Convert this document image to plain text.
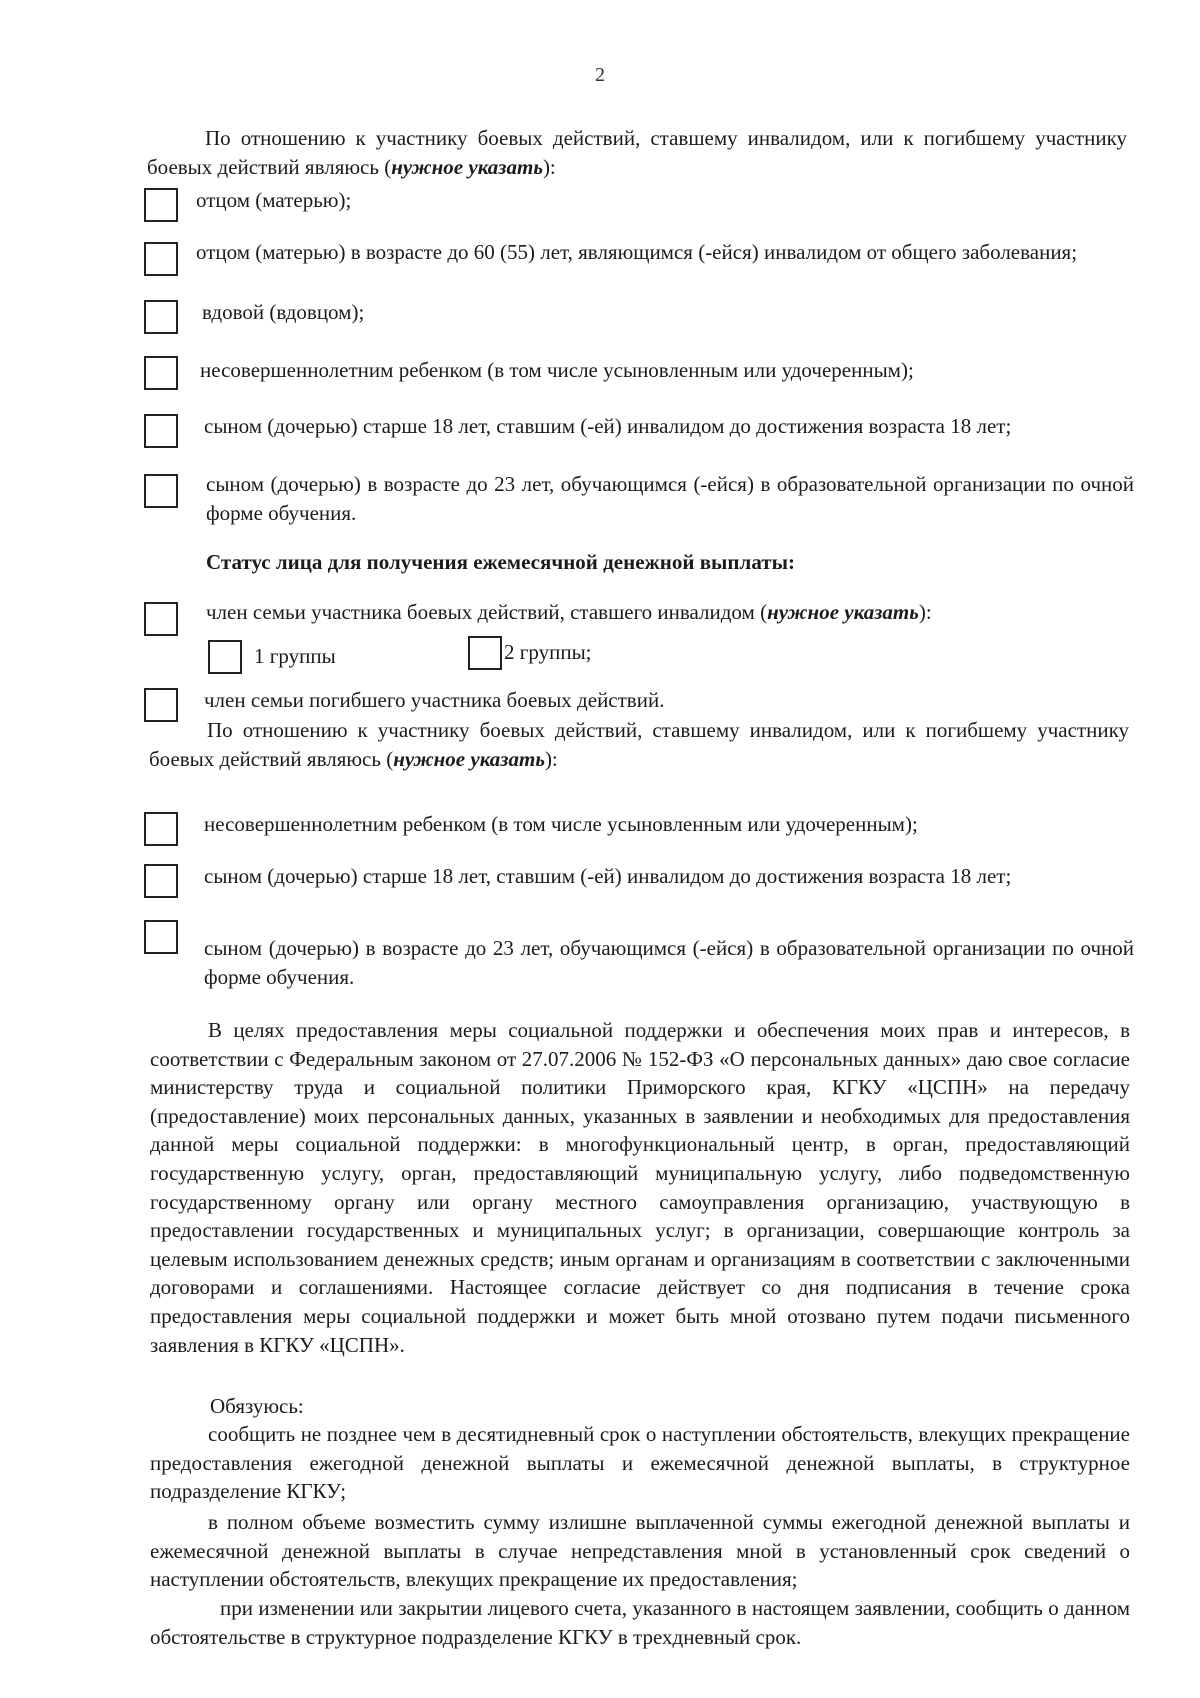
2
По отношению к участнику боевых действий, ставшему инвалидом, или к погибшему участнику боевых действий являюсь (нужное указать):
отцом (матерью);
отцом (матерью) в возрасте до 60 (55) лет, являющимся (-ейся) инвалидом от общего заболевания;
вдовой (вдовцом);
несовершеннолетним ребенком (в том числе усыновленным или удочеренным);
сыном (дочерью) старше 18 лет, ставшим (-ей) инвалидом до достижения возраста 18 лет;
сыном (дочерью) в возрасте до 23 лет, обучающимся (-ейся) в образовательной организации по очной форме обучения.
Статус лица для получения ежемесячной денежной выплаты:
член семьи участника боевых действий, ставшего инвалидом (нужное указать):
1 группы	2 группы;
член семьи погибшего участника боевых действий.
По отношению к участнику боевых действий, ставшему инвалидом, или к погибшему участнику боевых действий являюсь (нужное указать):
несовершеннолетним ребенком (в том числе усыновленным или удочеренным);
сыном (дочерью) старше 18 лет, ставшим (-ей) инвалидом до достижения возраста 18 лет;
сыном (дочерью) в возрасте до 23 лет, обучающимся (-ейся) в образовательной организации по очной форме обучения.
В целях предоставления меры социальной поддержки и обеспечения моих прав и интересов, в соответствии с Федеральным законом от 27.07.2006 № 152-ФЗ «О персональных данных» даю свое согласие министерству труда и социальной политики Приморского края, КГКУ «ЦСПН» на передачу (предоставление) моих персональных данных, указанных в заявлении и необходимых для предоставления данной меры социальной поддержки: в многофункциональный центр, в орган, предоставляющий государственную услугу, орган, предоставляющий муниципальную услугу, либо подведомственную государственному органу или органу местного самоуправления организацию, участвующую в предоставлении государственных и муниципальных услуг; в организации, совершающие контроль за целевым использованием денежных средств; иным органам и организациям в соответствии с заключенными договорами и соглашениями. Настоящее согласие действует со дня подписания в течение срока предоставления меры социальной поддержки и может быть мной отозвано путем подачи письменного заявления в КГКУ «ЦСПН».
Обязуюсь:
сообщить не позднее чем в десятидневный срок о наступлении обстоятельств, влекущих прекращение предоставления ежегодной денежной выплаты и ежемесячной денежной выплаты, в структурное подразделение КГКУ;
в полном объеме возместить сумму излишне выплаченной суммы ежегодной денежной выплаты и ежемесячной денежной выплаты в случае непредставления мной в установленный срок сведений о наступлении обстоятельств, влекущих прекращение их предоставления;
при изменении или закрытии лицевого счета, указанного в настоящем заявлении, сообщить о данном обстоятельстве в структурное подразделение КГКУ в трехдневный срок.
